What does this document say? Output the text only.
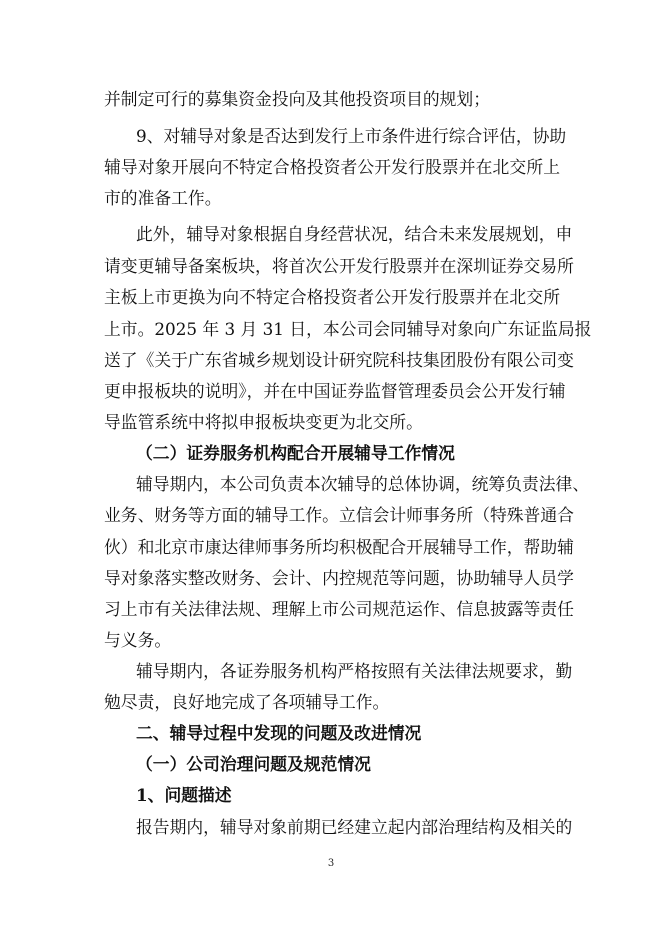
并制定可行的募集资金投向及其他投资项目的规划；
9、对辅导对象是否达到发行上市条件进行综合评估，协助
辅导对象开展向不特定合格投资者公开发行股票并在北交所上
市的准备工作。
此外，辅导对象根据自身经营状况，结合未来发展规划，申
请变更辅导备案板块，将首次公开发行股票并在深圳证券交易所
主板上市更换为向不特定合格投资者公开发行股票并在北交所
上市。2025 年 3 月 31 日，本公司会同辅导对象向广东证监局报
送了《关于广东省城乡规划设计研究院科技集团股份有限公司变
更申报板块的说明》，并在中国证券监督管理委员会公开发行辅
导监管系统中将拟申报板块变更为北交所。
（二）证券服务机构配合开展辅导工作情况
辅导期内，本公司负责本次辅导的总体协调，统筹负责法律、
业务、财务等方面的辅导工作。立信会计师事务所（特殊普通合
伙）和北京市康达律师事务所均积极配合开展辅导工作，帮助辅
导对象落实整改财务、会计、内控规范等问题，协助辅导人员学
习上市有关法律法规、理解上市公司规范运作、信息披露等责任
与义务。
辅导期内，各证券服务机构严格按照有关法律法规要求，勤
勉尽责，良好地完成了各项辅导工作。
二、辅导过程中发现的问题及改进情况
（一）公司治理问题及规范情况
1、问题描述
报告期内，辅导对象前期已经建立起内部治理结构及相关的
3
